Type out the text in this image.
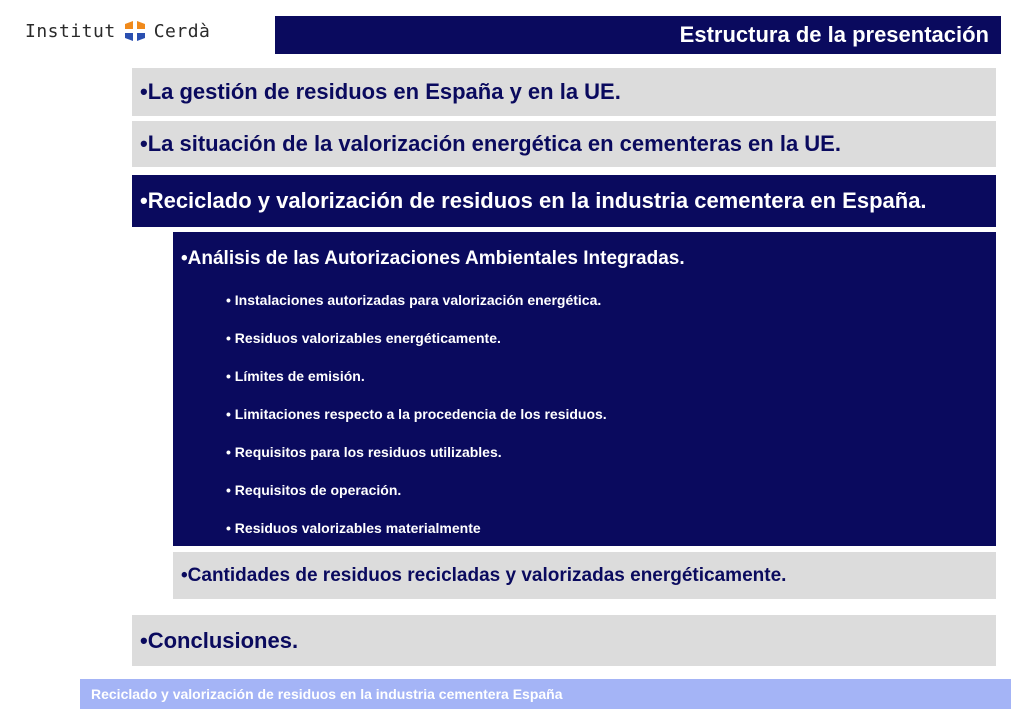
Institut Cerdà	Estructura de la presentación
•La gestión de residuos en España y en la UE.
•La situación de la valorización energética en cementeras en la UE.
•Reciclado y valorización de residuos en la industria cementera en España.
•Análisis de las Autorizaciones Ambientales Integradas.
• Instalaciones autorizadas para valorización energética.
• Residuos valorizables energéticamente.
• Límites de emisión.
• Limitaciones respecto a la procedencia de los residuos.
• Requisitos para los residuos utilizables.
• Requisitos de operación.
• Residuos valorizables materialmente
•Cantidades de residuos recicladas y valorizadas energéticamente.
•Conclusiones.
Reciclado y valorización de residuos en la industria cementera España
